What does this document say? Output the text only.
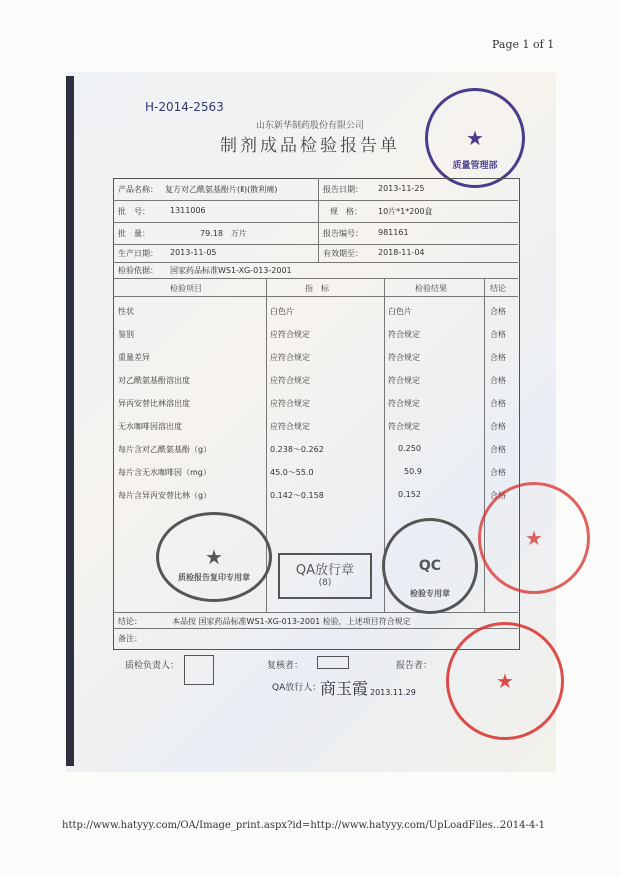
Page 1 of 1
H-2014-2563
山东新华制药股份有限公司
制剂成品检验报告单	★
质量管理部
产品名称： 复方对乙酰氨基酚片(Ⅱ)(散利痛)	报告日期： 2013-11-25
批　号：	1311006	规　格： 10片*1*200盒
批　量：	79.18　万片	报告编号： 981161
生产日期： 2013-11-05	有效期至： 2018-11-04
检验依据： 国家药品标准WS1-XG-013-2001
检验项目	指　标	检验结果	结论
性状	白色片	白色片	合格
鉴别	应符合规定	符合规定	合格
重量差异	应符合规定	符合规定	合格
对乙酰氨基酚溶出度	应符合规定	符合规定	合格
异丙安替比林溶出度	应符合规定	符合规定	合格
无水咖啡因溶出度	应符合规定	符合规定	合格
每片含对乙酰氨基酚（g）	0.238～0.262	0.250	合格
每片含无水咖啡因（mg）	45.0～55.0	50.9	合格
每片含异丙安替比林（g）	0.142～0.158	0.152	合格
★
质检报告复印专用章	QA放行章
(8)
QC
检验专用章
★
结论：	本品按 国家药品标准WS1-XG-013-2001 检验，上述项目符合规定
备注：
质检负责人：	复核者：	报告者：
QA放行人：
商玉霞 2013.11.29	★
http://www.hatyyy.com/OA/Image_print.aspx?id=http://www.hatyyy.com/UpLoadFiles...
2014-4-1
